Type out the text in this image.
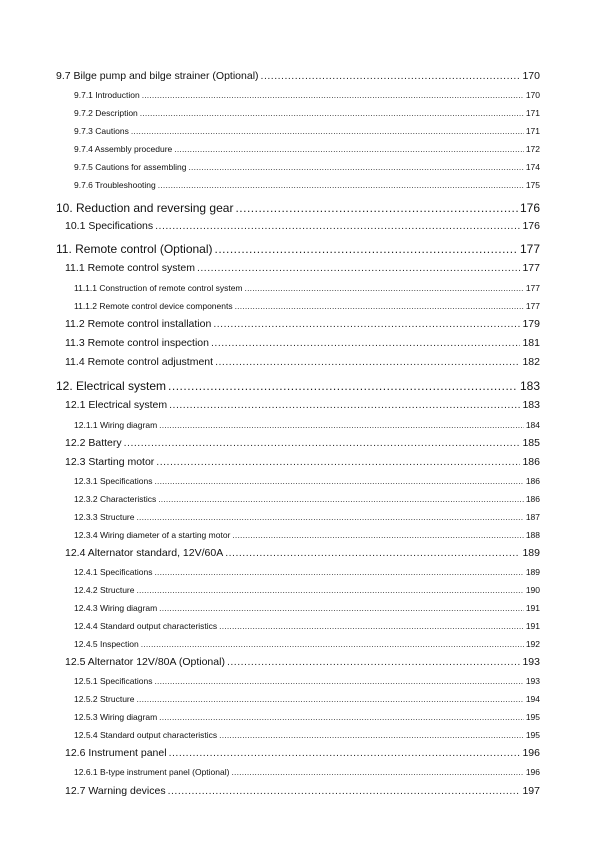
9.7 Bilge pump and bilge strainer (Optional) .....	170
9.7.1 Introduction .....	170
9.7.2 Description .....	171
9.7.3 Cautions .....	171
9.7.4 Assembly procedure .....	172
9.7.5 Cautions for assembling .....	174
9.7.6 Troubleshooting .....	175
10. Reduction and reversing gear .....	176
10.1 Specifications .....	176
11. Remote control (Optional) .....	177
11.1 Remote control system .....	177
11.1.1 Construction of remote control system .....	177
11.1.2 Remote control device components .....	177
11.2 Remote control installation .....	179
11.3 Remote control inspection .....	181
11.4 Remote control adjustment .....	182
12. Electrical system .....	183
12.1 Electrical system .....	183
12.1.1 Wiring diagram .....	184
12.2 Battery .....	185
12.3 Starting motor .....	186
12.3.1 Specifications .....	186
12.3.2 Characteristics .....	186
12.3.3 Structure .....	187
12.3.4 Wiring diameter of a starting motor .....	188
12.4 Alternator standard, 12V/60A .....	189
12.4.1 Specifications .....	189
12.4.2 Structure .....	190
12.4.3 Wiring diagram .....	191
12.4.4 Standard output characteristics .....	191
12.4.5 Inspection .....	192
12.5 Alternator 12V/80A (Optional) .....	193
12.5.1 Specifications .....	193
12.5.2 Structure .....	194
12.5.3 Wiring diagram .....	195
12.5.4 Standard output characteristics .....	195
12.6 Instrument panel .....	196
12.6.1 B-type instrument panel (Optional) .....	196
12.7 Warning devices .....	197
